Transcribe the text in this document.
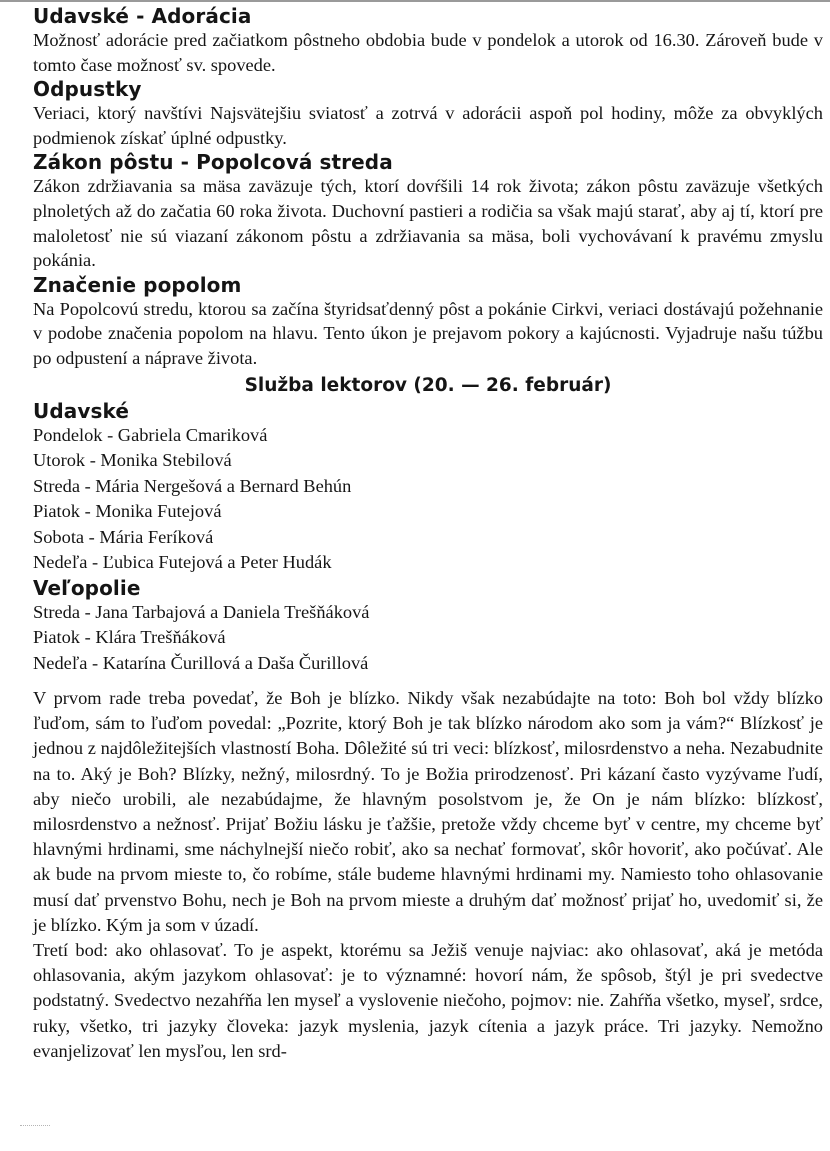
Udavské - Adorácia

Možnosť adorácie pred začiatkom pôstneho obdobia bude v pondelok a utorok od 16.30. Zároveň bude v tomto čase možnosť sv. spovede.

Odpustky

Veriaci, ktorý navštívi Najsvätejšiu sviatosť a zotrvá v adorácii aspoň pol hodiny, môže za obvyklých podmienok získať úplné odpustky.

Zákon pôstu - Popolcová streda

Zákon zdržiavania sa mäsa zaväzuje tých, ktorí dovŕšili 14 rok života; zákon pôstu zaväzuje všetkých plnoletých až do začatia 60 roka života. Duchovní pastieri a rodičia sa však majú starať, aby aj tí, ktorí pre maloletosť nie sú viazaní zákonom pôstu a zdržiavania sa mäsa, boli vychovávaní k pravému zmyslu pokánia.

Značenie popolom

Na Popolcovú stredu, ktorou sa začína štyridsaťdenný pôst a pokánie Cirkvi, veriaci dostávajú požehnanie v podobe značenia popolom na hlavu. Tento úkon je prejavom pokory a kajúcnosti. Vyjadruje našu túžbu po odpustení a náprave života.

Služba lektorov (20. — 26. február)
Udavské
Pondelok - Gabriela Cmariková
Utorok - Monika Stebilová
Streda - Mária Nergešová a Bernard Behún
Piatok - Monika Futejová
Sobota - Mária Feríková
Nedeľa - Ľubica Futejová a Peter Hudák
Veľopolie
Streda - Jana Tarbajová a Daniela Trešňáková
Piatok - Klára Trešňáková
Nedeľa - Katarína Čurillová a Daša Čurillová

V prvom rade treba povedať, že Boh je blízko. Nikdy však nezabúdajte na toto: Boh bol vždy blízko ľuďom, sám to ľuďom povedal: „Pozrite, ktorý Boh je tak blízko národom ako som ja vám?“ Blízkosť je jednou z najdôležitejších vlastností Boha. Dôležité sú tri veci: blízkosť, milosrdenstvo a neha. Nezabudnite na to. Aký je Boh? Blízky, nežný, milosrdný. To je Božia prirodzenosť. Pri kázaní často vyzývame ľudí, aby niečo urobili, ale nezabúdajme, že hlavným posolstvom je, že On je nám blízko: blízkosť, milosrdenstvo a nežnosť. Prijať Božiu lásku je ťažšie, pretože vždy chceme byť v centre, my chceme byť hlavnými hrdinami, sme náchylnejší niečo robiť, ako sa nechať formovať, skôr hovoriť, ako počúvať. Ale ak bude na prvom mieste to, čo robíme, stále budeme hlavnými hrdinami my. Namiesto toho ohlasovanie musí dať prvenstvo Bohu, nech je Boh na prvom mieste a druhým dať možnosť prijať ho, uvedomiť si, že je blízko. Kým ja som v úzadí.

Tretí bod: ako ohlasovať. To je aspekt, ktorému sa Ježiš venuje najviac: ako ohlasovať, aká je metóda ohlasovania, akým jazykom ohlasovať: je to významné: hovorí nám, že spôsob, štýl je pri svedectve podstatný. Svedectvo nezahŕňa len myseľ a vyslovenie niečoho, pojmov: nie. Zahŕňa všetko, myseľ, srdce, ruky, všetko, tri jazyky človeka: jazyk myslenia, jazyk cítenia a jazyk práce. Tri jazyky. Nemožno evanjelizovať len mysľou, len srd-
